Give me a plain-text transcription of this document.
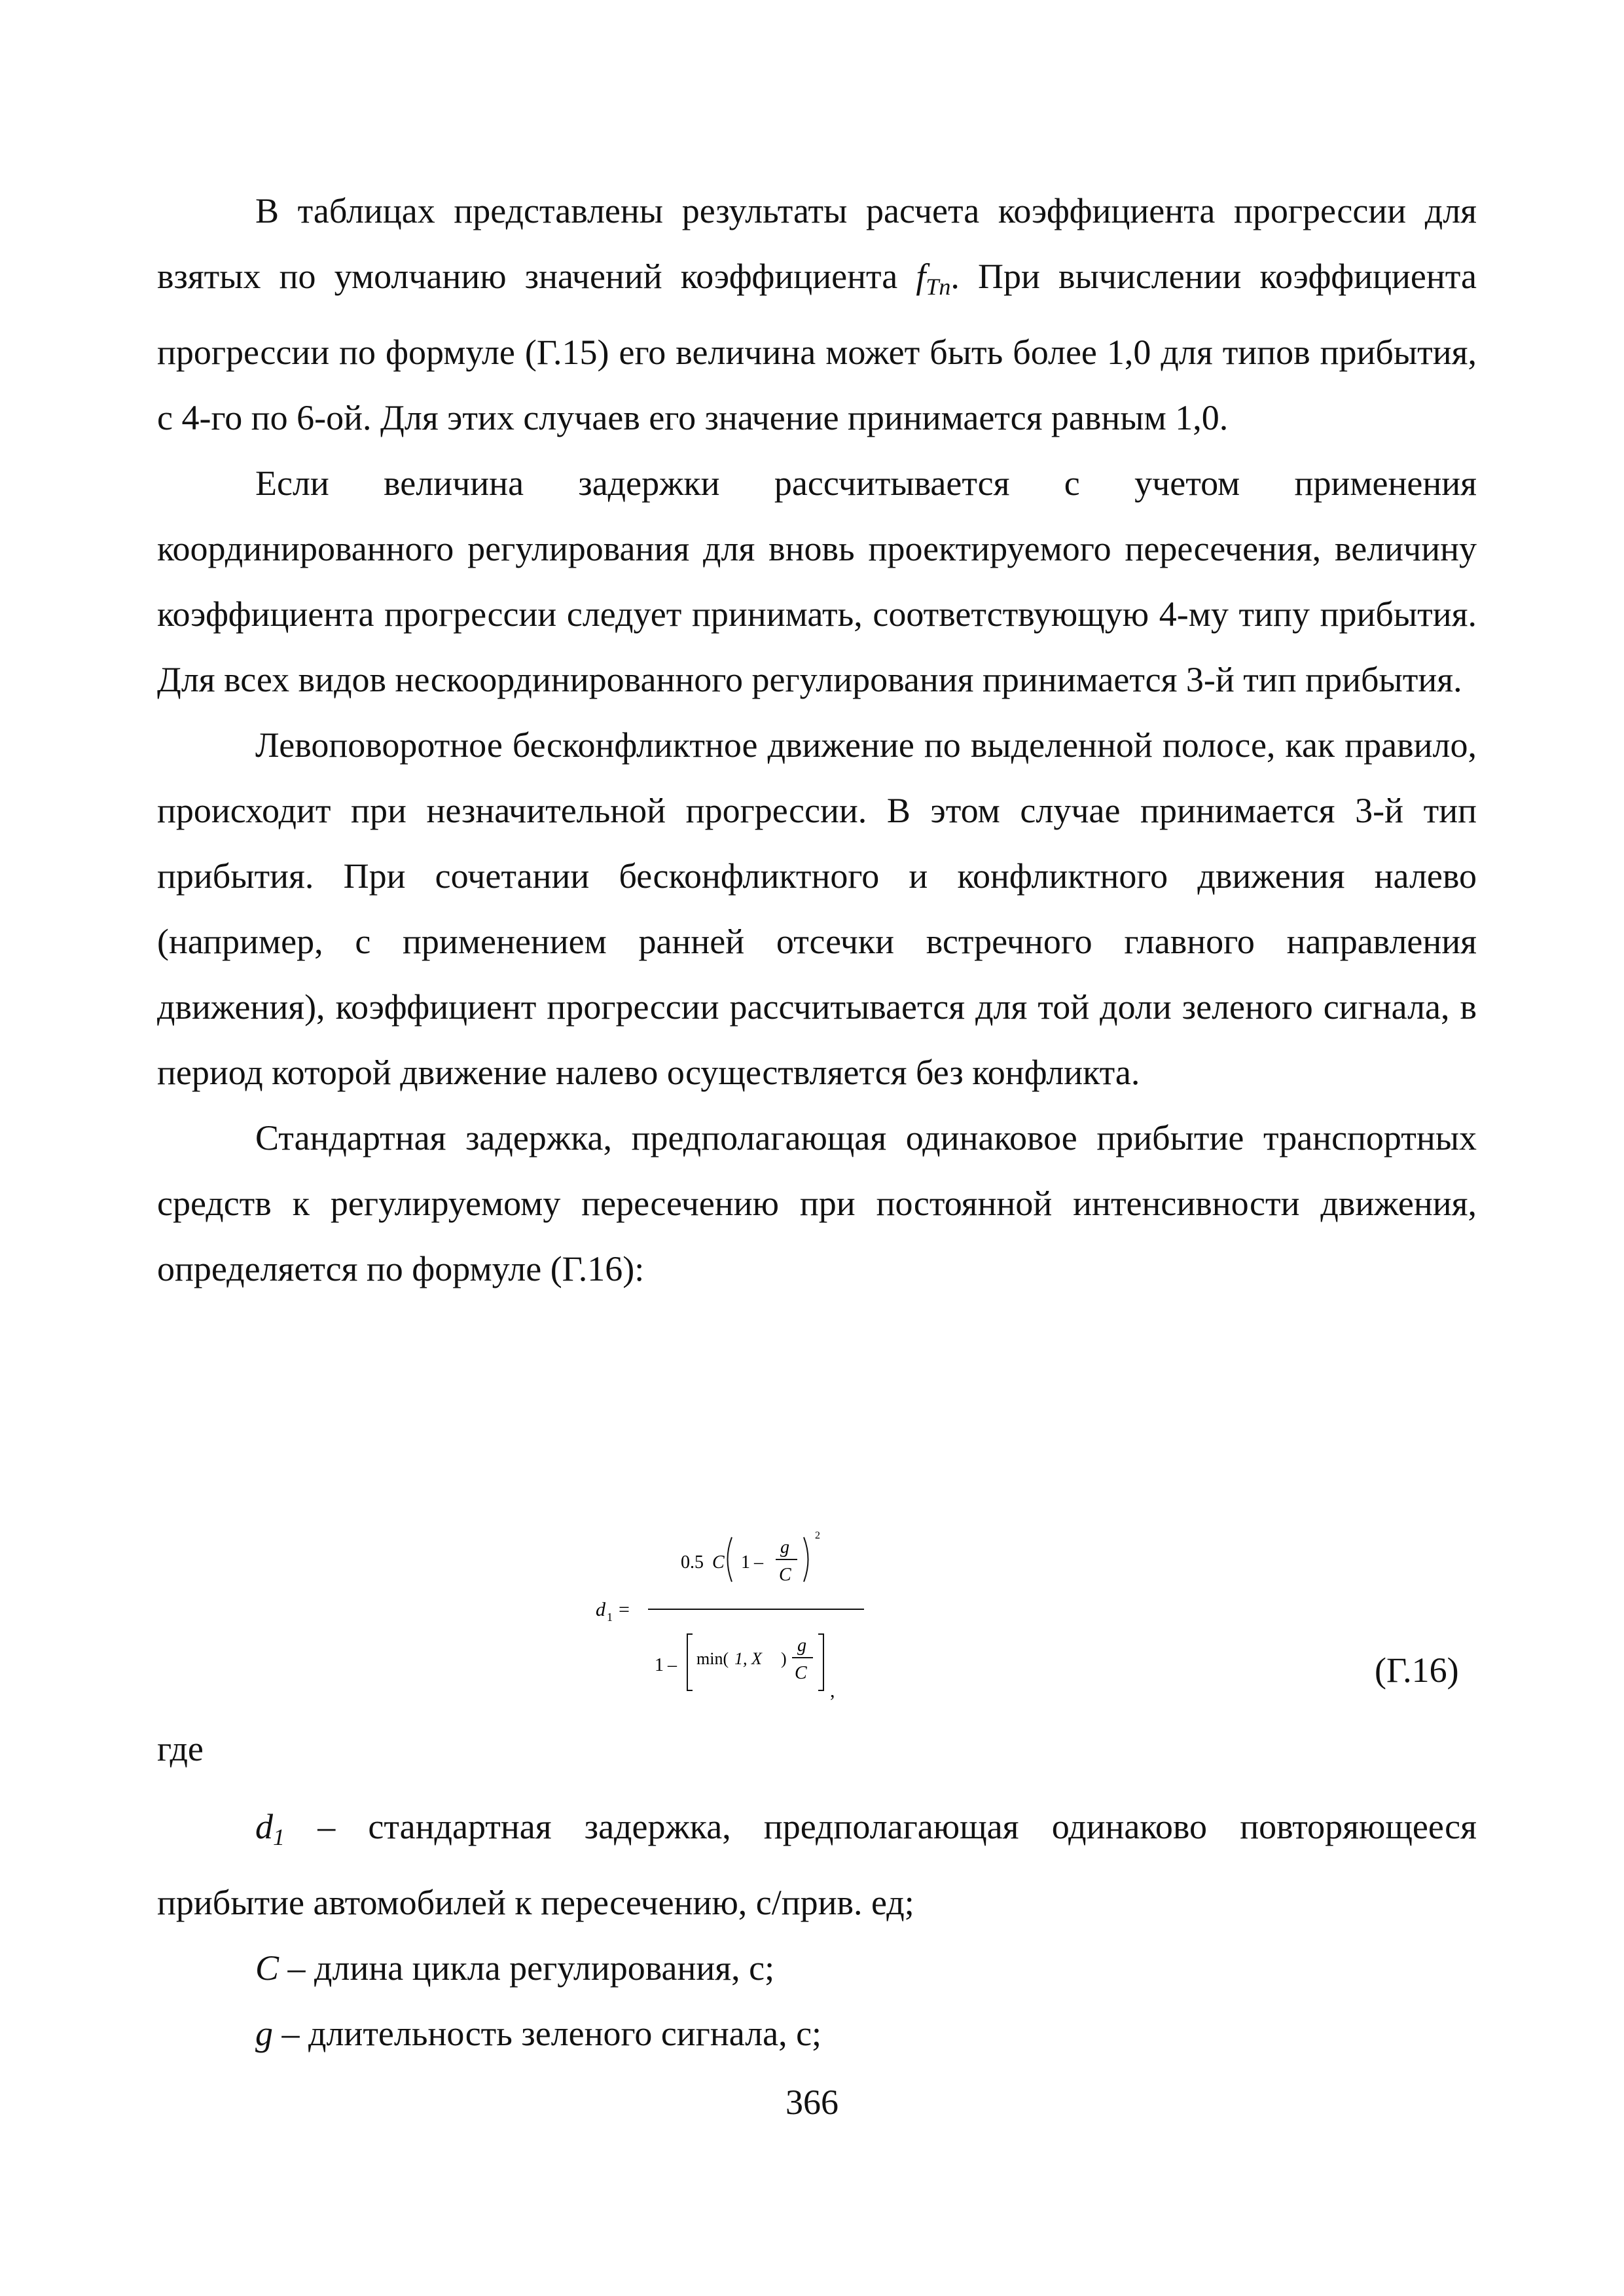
В таблицах представлены результаты расчета коэффициента прогрессии для взятых по умолчанию значений коэффициента $f_{Tn}$. При вычислении коэффициента прогрессии по формуле (Г.15) его величина может быть более 1,0 для типов прибытия, с 4-го по 6-ой. Для этих случаев его значение принимается равным 1,0.

Если величина задержки рассчитывается с учетом применения координированного регулирования для вновь проектируемого пересечения, величину коэффициента прогрессии следует принимать, соответствующую 4-му типу прибытия. Для всех видов нескоординированного регулирования принимается 3-й тип прибытия.

Левоповоротное бесконфликтное движение по выделенной полосе, как правило, происходит при незначительной прогрессии. В этом случае принимается 3-й тип прибытия. При сочетании бесконфликтного и конфликтного движения налево (например, с применением ранней отсечки встречного главного направления движения), коэффициент прогрессии рассчитывается для той доли зеленого сигнала, в период которой движение налево осуществляется без конфликта.

Стандартная задержка, предполагающая одинаковое прибытие транспортных средств к регулируемому пересечению при постоянной интенсивности движения, определяется по формуле (Г.16):

d 1 =
0.5 C 1 –
g
C
2
1 – min( 1, X )
g
C
,
(Г.16)
где

$d_1$ – стандартная задержка, предполагающая одинаково повторяющееся прибытие автомобилей к пересечению, с/прив. ед;

C – длина цикла регулирования, с;

g – длительность зеленого сигнала, с;

366
